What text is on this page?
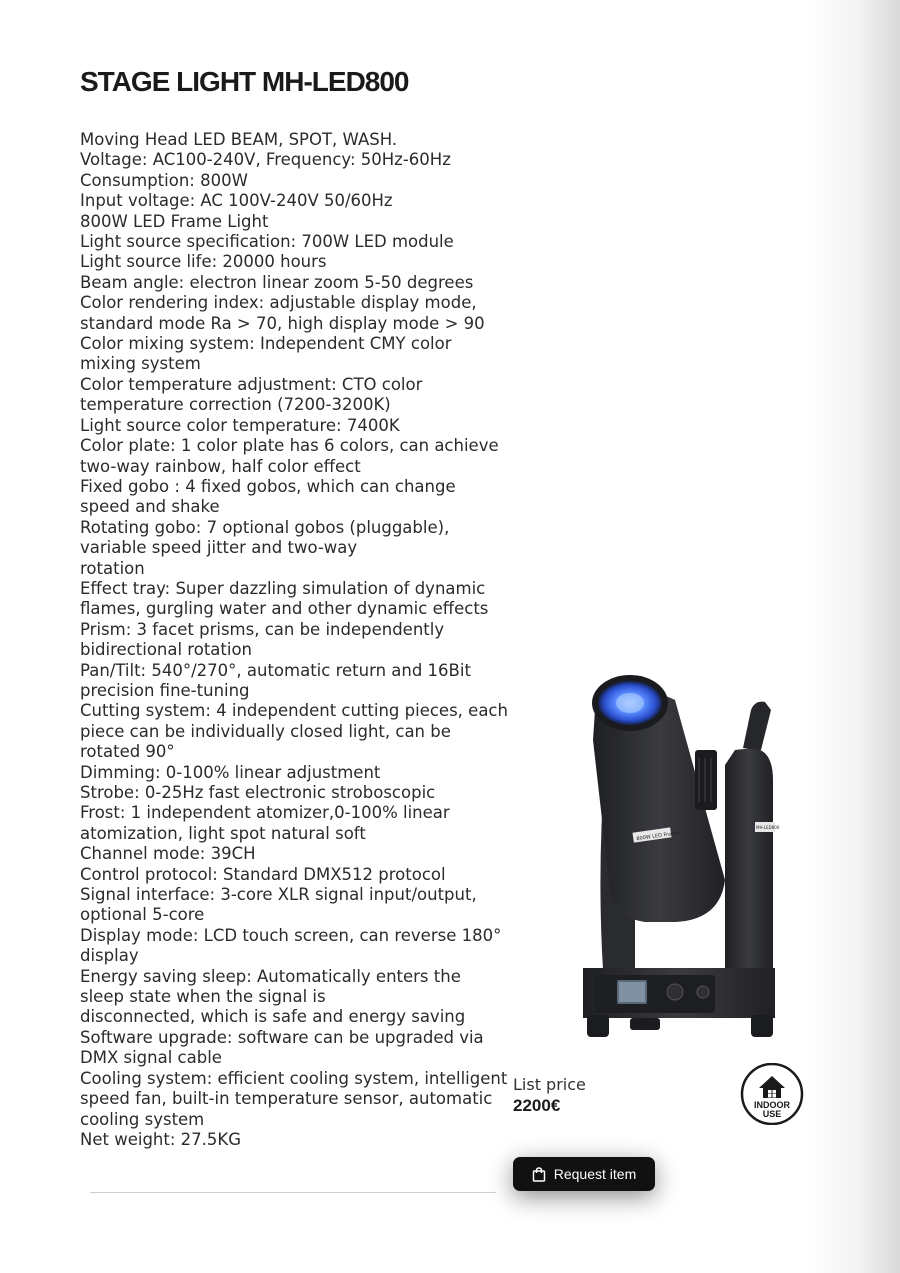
STAGE LIGHT MH-LED800
Moving Head LED BEAM, SPOT, WASH.
Voltage: AC100-240V, Frequency: 50Hz-60Hz
Consumption: 800W
Input voltage: AC 100V-240V 50/60Hz
800W LED Frame Light
Light source specification: 700W LED module
Light source life: 20000 hours
Beam angle: electron linear zoom 5-50 degrees
Color rendering index: adjustable display mode, standard mode Ra > 70, high display mode > 90
Color mixing system: Independent CMY color mixing system
Color temperature adjustment: CTO color temperature correction (7200-3200K)
Light source color temperature: 7400K
Color plate: 1 color plate has 6 colors, can achieve two-way rainbow, half color effect
Fixed gobo : 4 fixed gobos, which can change speed and shake
Rotating gobo: 7 optional gobos (pluggable), variable speed jitter and two-way
rotation
Effect tray: Super dazzling simulation of dynamic flames, gurgling water and other dynamic effects
Prism: 3 facet prisms, can be independently bidirectional rotation
Pan/Tilt: 540°/270°, automatic return and 16Bit precision fine-tuning
Cutting system: 4 independent cutting pieces, each piece can be individually closed light, can be rotated 90°
Dimming: 0-100% linear adjustment
Strobe: 0-25Hz fast electronic stroboscopic
Frost: 1 independent atomizer,0-100% linear atomization, light spot natural soft
Channel mode: 39CH
Control protocol: Standard DMX512 protocol
Signal interface: 3-core XLR signal input/output, optional 5-core
Display mode: LCD touch screen, can reverse 180° display
Energy saving sleep: Automatically enters the sleep state when the signal is
disconnected, which is safe and energy saving
Software upgrade: software can be upgraded via DMX signal cable
Cooling system: efficient cooling system, intelligent speed fan, built-in temperature sensor, automatic cooling system
Net weight: 27.5KG
800W LED Frame
MH-LED800
List price
2200€	INDOOR
USE
Request item
